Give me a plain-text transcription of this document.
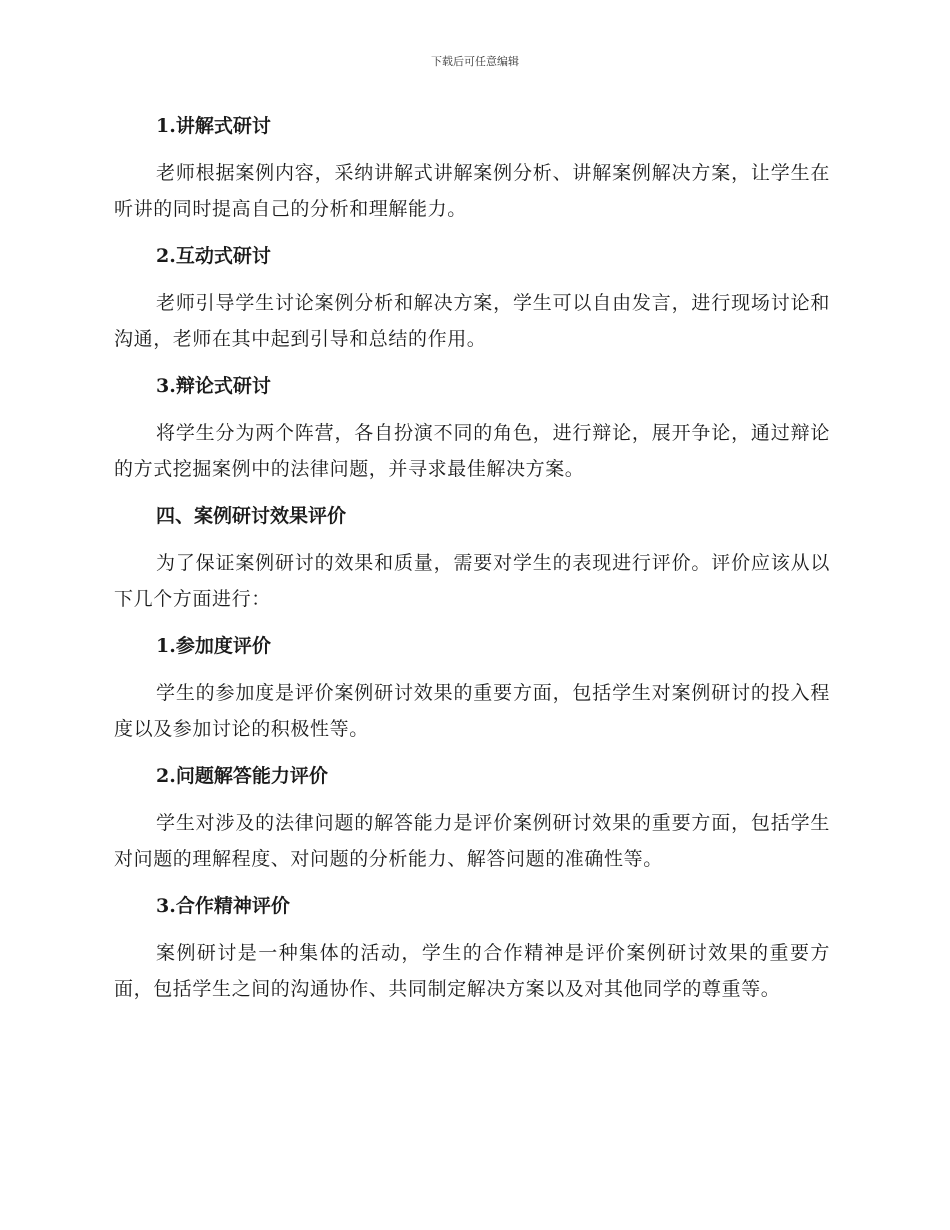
下载后可任意编辑

1.讲解式研讨

老师根据案例内容，采纳讲解式讲解案例分析、讲解案例解决方案，让学生在听讲的同时提高自己的分析和理解能力。

2.互动式研讨

老师引导学生讨论案例分析和解决方案，学生可以自由发言，进行现场讨论和沟通，老师在其中起到引导和总结的作用。

3.辩论式研讨

将学生分为两个阵营，各自扮演不同的角色，进行辩论，展开争论，通过辩论的方式挖掘案例中的法律问题，并寻求最佳解决方案。

四、案例研讨效果评价

为了保证案例研讨的效果和质量，需要对学生的表现进行评价。评价应该从以下几个方面进行：

1.参加度评价

学生的参加度是评价案例研讨效果的重要方面，包括学生对案例研讨的投入程度以及参加讨论的积极性等。

2.问题解答能力评价

学生对涉及的法律问题的解答能力是评价案例研讨效果的重要方面，包括学生对问题的理解程度、对问题的分析能力、解答问题的准确性等。

3.合作精神评价

案例研讨是一种集体的活动，学生的合作精神是评价案例研讨效果的重要方面，包括学生之间的沟通协作、共同制定解决方案以及对其他同学的尊重等。
